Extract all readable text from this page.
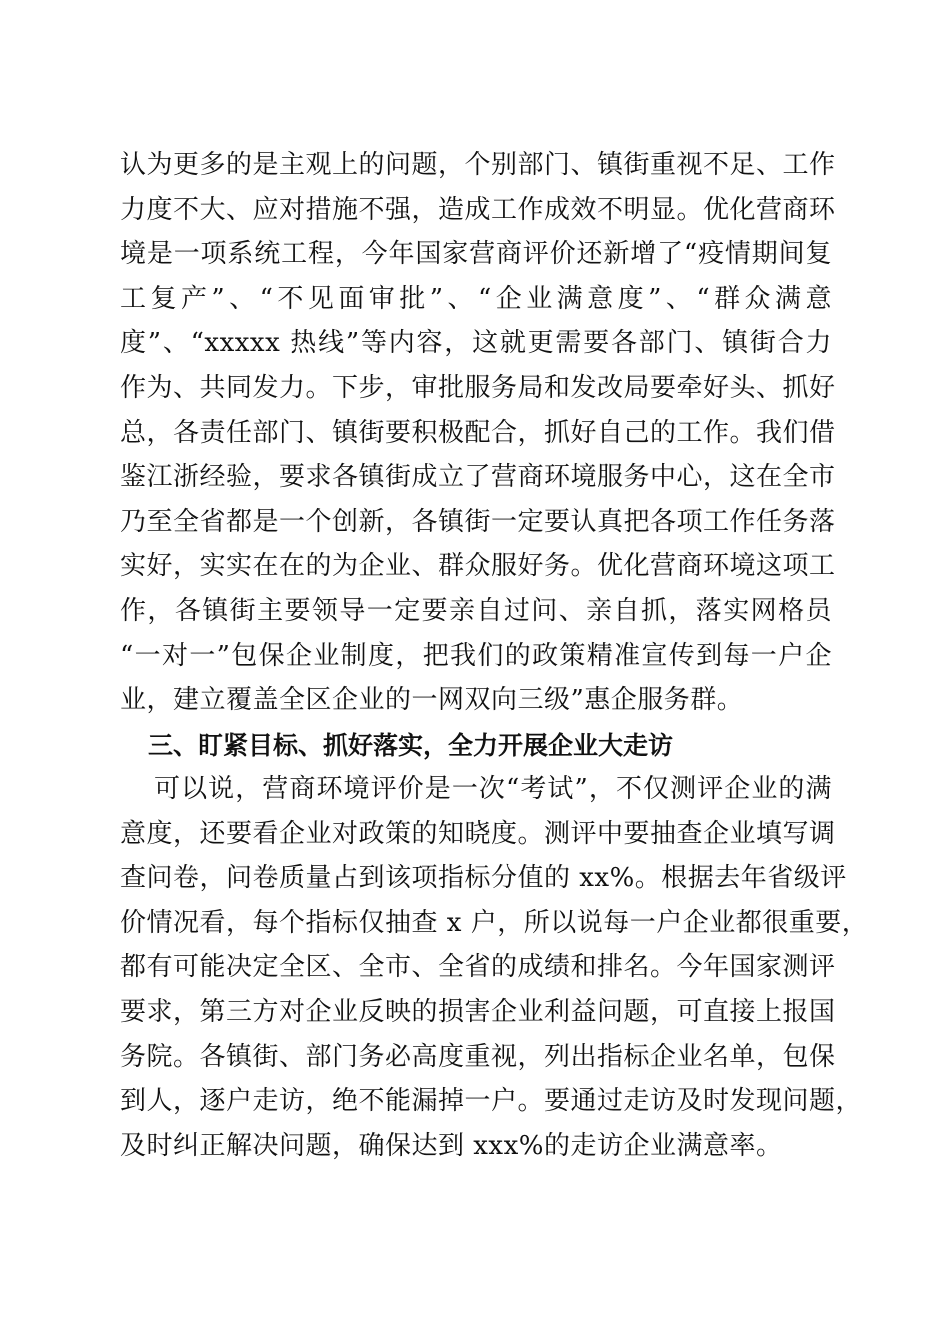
认为更多的是主观上的问题，个别部门、镇街重视不足、工作
力度不大、应对措施不强，造成工作成效不明显。优化营商环
境是一项系统工程，今年国家营商评价还新增了“疫情期间复
工复产”、“不见面审批”、“企业满意度”、“群众满意
度”、“xxxxx 热线”等内容，这就更需要各部门、镇街合力
作为、共同发力。下步，审批服务局和发改局要牵好头、抓好
总，各责任部门、镇街要积极配合，抓好自己的工作。我们借
鉴江浙经验，要求各镇街成立了营商环境服务中心，这在全市
乃至全省都是一个创新，各镇街一定要认真把各项工作任务落
实好，实实在在的为企业、群众服好务。优化营商环境这项工
作，各镇街主要领导一定要亲自过问、亲自抓，落实网格员
“一对一”包保企业制度，把我们的政策精准宣传到每一户企
业，建立覆盖全区企业的一网双向三级”惠企服务群。
三、盯紧目标、抓好落实，全力开展企业大走访
可以说，营商环境评价是一次“考试”，不仅测评企业的满
意度，还要看企业对政策的知晓度。测评中要抽查企业填写调
查问卷，问卷质量占到该项指标分值的 xx%。根据去年省级评
价情况看，每个指标仅抽查 x 户，所以说每一户企业都很重要，
都有可能决定全区、全市、全省的成绩和排名。今年国家测评
要求，第三方对企业反映的损害企业利益问题，可直接上报国
务院。各镇街、部门务必高度重视，列出指标企业名单，包保
到人，逐户走访，绝不能漏掉一户。要通过走访及时发现问题，
及时纠正解决问题，确保达到 xxx%的走访企业满意率。
